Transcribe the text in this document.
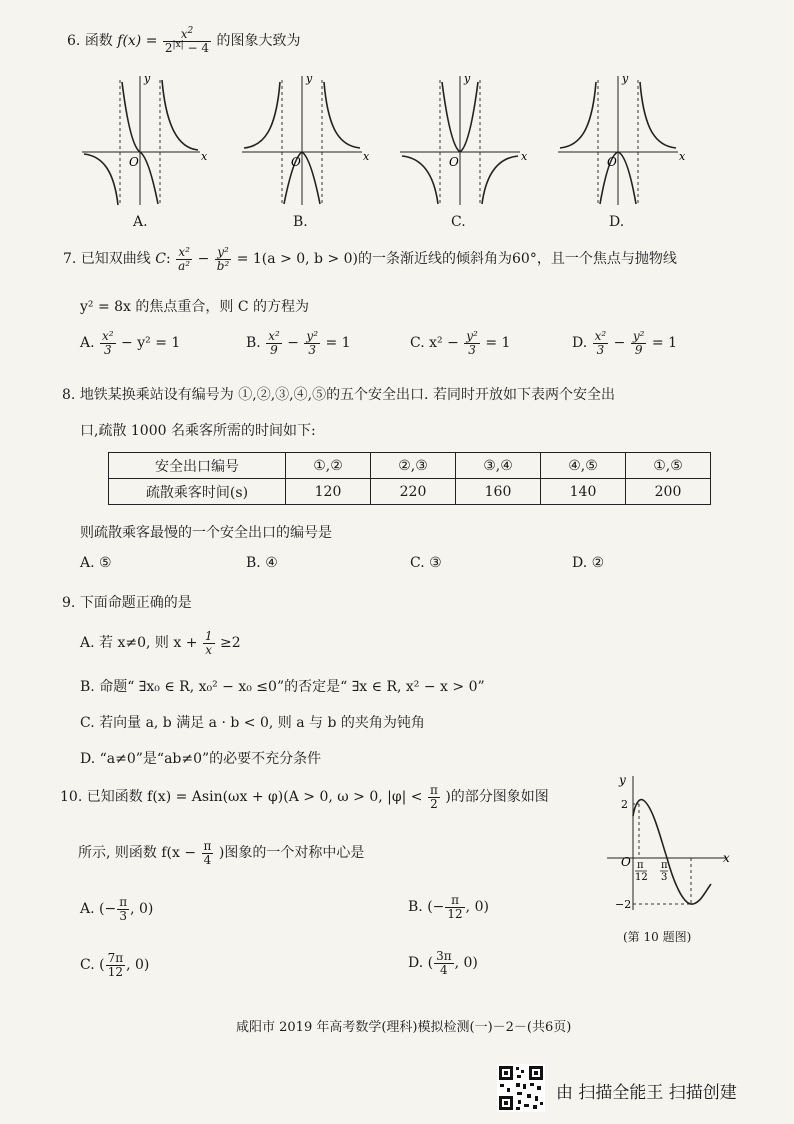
6. 函数 $f(x) = \frac{x^2}{2^{|x|} - 4}$ 的图象大致为
y
x
O
A.
y
x
O
B.
y
x
O
C.
y
x
O
D.
7. 已知双曲线 C: $\frac{\text{x²}}{\text{a²}} - \frac{\text{y²}}{\text{b²}} = 1(a > 0$, b > 0)的一条渐近线的倾斜角为60°，且一个焦点与抛物线
y² = 8x 的焦点重合，则 C 的方程为
A. $\frac{\text{x²}}{3} - y^2 = 1$	B. $\frac{\text{x²}}{9} - \frac{\text{y²}}{3} = 1$	C. $x^2 - \frac{\text{y²}}{3} = 1$	D. $\frac{\text{x²}}{3} - \frac{\text{y²}}{9} = 1$
8. 地铁某换乘站设有编号为 ①,②,③,④,⑤的五个安全出口. 若同时开放如下表两个安全出
口,疏散 1000 名乘客所需的时间如下:
安全出口编号	①,②	②,③	③,④	④,⑤	①,⑤
疏散乘客时间(s)	120	220	160	140	200
则疏散乘客最慢的一个安全出口的编号是
A. ⑤	B. ④	C. ③	D. ②
9. 下面命题正确的是
A. 若 x≠0, 则 $x + \frac{1}{x} \ge 2$
B. 命题“ ∃x₀ ∈ R, x₀² − x₀ ≤0”的否定是“ ∃x ∈ R, x² − x > 0”
C. 若向量 a, b 满足 a · b < 0, 则 a 与 b 的夹角为钝角
D. “a≠0”是“ab≠0”的必要不充分条件
10. 已知函数 f(x) = Asin(ωx + φ)(A > 0, ω > 0, $|\varphi| < \frac{\pi}{2}$ )的部分图象如图
所示, 则函数 $f(x - \frac{\pi}{4}$ )图象的一个对称中心是
A. (− $\frac{\pi}{3}$ , 0)	B. (− $\frac{\pi}{12}$ , 0)
C. ( $\frac{7\pi}{12}$ , 0)	D. ( $\frac{3\pi}{4}$ , 0)
y
x
O
2
−2
π
12
π
3
(第 10 题图)
咸阳市 2019 年高考数学(理科)模拟检测(一)－2－(共6页)
由 扫描全能王 扫描创建
